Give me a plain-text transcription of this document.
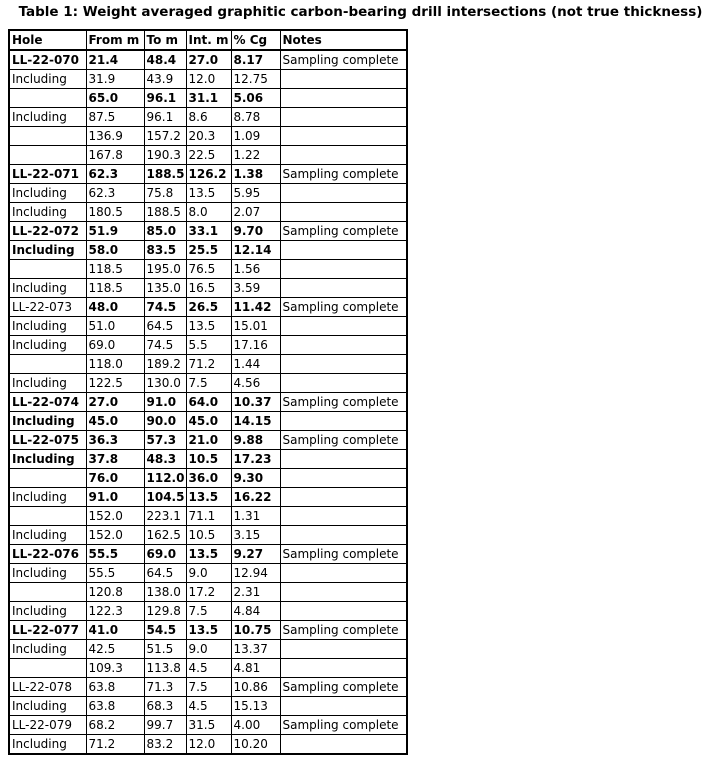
Table 1: Weight averaged graphitic carbon-bearing drill intersections (not true thickness)
Hole	From m	To m	Int. m	% Cg	Notes
LL-22-070	21.4	48.4	27.0	8.17	Sampling complete
Including	31.9	43.9	12.0	12.75	
	65.0	96.1	31.1	5.06	
Including	87.5	96.1	8.6	8.78	
	136.9	157.2	20.3	1.09	
	167.8	190.3	22.5	1.22	
LL-22-071	62.3	188.5	126.2	1.38	Sampling complete
Including	62.3	75.8	13.5	5.95	
Including	180.5	188.5	8.0	2.07	
LL-22-072	51.9	85.0	33.1	9.70	Sampling complete
Including	58.0	83.5	25.5	12.14	
	118.5	195.0	76.5	1.56	
Including	118.5	135.0	16.5	3.59	
LL-22-073	48.0	74.5	26.5	11.42	Sampling complete
Including	51.0	64.5	13.5	15.01	
Including	69.0	74.5	5.5	17.16	
	118.0	189.2	71.2	1.44	
Including	122.5	130.0	7.5	4.56	
LL-22-074	27.0	91.0	64.0	10.37	Sampling complete
Including	45.0	90.0	45.0	14.15	
LL-22-075	36.3	57.3	21.0	9.88	Sampling complete
Including	37.8	48.3	10.5	17.23	
	76.0	112.0	36.0	9.30	
Including	91.0	104.5	13.5	16.22	
	152.0	223.1	71.1	1.31	
Including	152.0	162.5	10.5	3.15	
LL-22-076	55.5	69.0	13.5	9.27	Sampling complete
Including	55.5	64.5	9.0	12.94	
	120.8	138.0	17.2	2.31	
Including	122.3	129.8	7.5	4.84	
LL-22-077	41.0	54.5	13.5	10.75	Sampling complete
Including	42.5	51.5	9.0	13.37	
	109.3	113.8	4.5	4.81	
LL-22-078	63.8	71.3	7.5	10.86	Sampling complete
Including	63.8	68.3	4.5	15.13	
LL-22-079	68.2	99.7	31.5	4.00	Sampling complete
Including	71.2	83.2	12.0	10.20	
